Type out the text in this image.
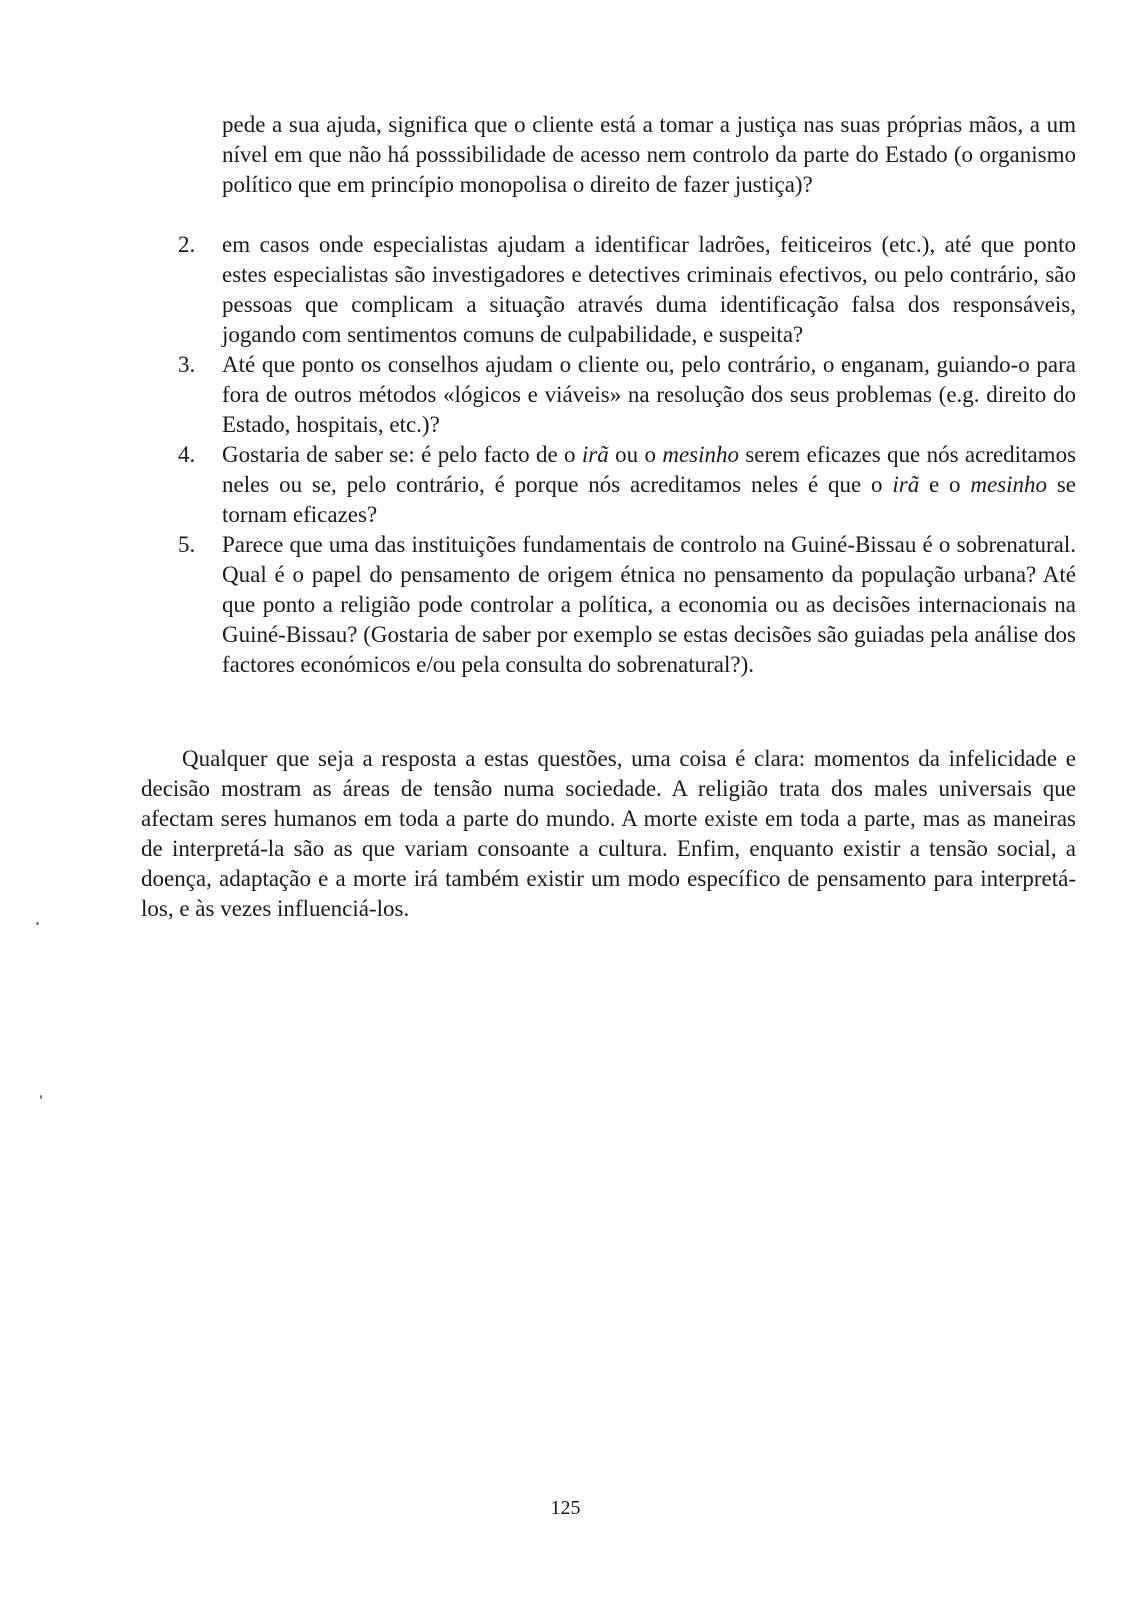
pede a sua ajuda, significa que o cliente está a tomar a justiça nas suas próprias mãos, a um nível em que não há posssibilidade de acesso nem controlo da parte do Estado (o organismo político que em princípio monopolisa o direito de fazer justiça)?

2. em casos onde especialistas ajudam a identificar ladrões, feiticeiros (etc.), até que ponto estes especialistas são investigadores e detectives criminais efectivos, ou pelo contrário, são pessoas que complicam a situação através duma identificação falsa dos responsáveis, jogando com sentimentos comuns de culpabilidade, e suspeita?

3. Até que ponto os conselhos ajudam o cliente ou, pelo contrário, o enganam, guiando-o para fora de outros métodos «lógicos e viáveis» na resolução dos seus problemas (e.g. direito do Estado, hospitais, etc.)?

4. Gostaria de saber se: é pelo facto de o irã ou o mesinho serem eficazes que nós acreditamos neles ou se, pelo contrário, é porque nós acreditamos neles é que o irã e o mesinho se tornam eficazes?

5. Parece que uma das instituições fundamentais de controlo na Guiné-Bissau é o sobrenatural. Qual é o papel do pensamento de origem étnica no pensamento da população urbana? Até que ponto a religião pode controlar a política, a economia ou as decisões internacionais na Guiné-Bissau? (Gostaria de saber por exemplo se estas decisões são guiadas pela análise dos factores económicos e/ou pela consulta do sobrenatural?).

Qualquer que seja a resposta a estas questões, uma coisa é clara: momentos da infelicidade e decisão mostram as áreas de tensão numa sociedade. A religião trata dos males universais que afectam seres humanos em toda a parte do mundo. A morte existe em toda a parte, mas as maneiras de interpretá-la são as que variam consoante a cultura. Enfim, enquanto existir a tensão social, a doença, adaptação e a morte irá também existir um modo específico de pensamento para interpretá-los, e às vezes influenciá-los.

125
